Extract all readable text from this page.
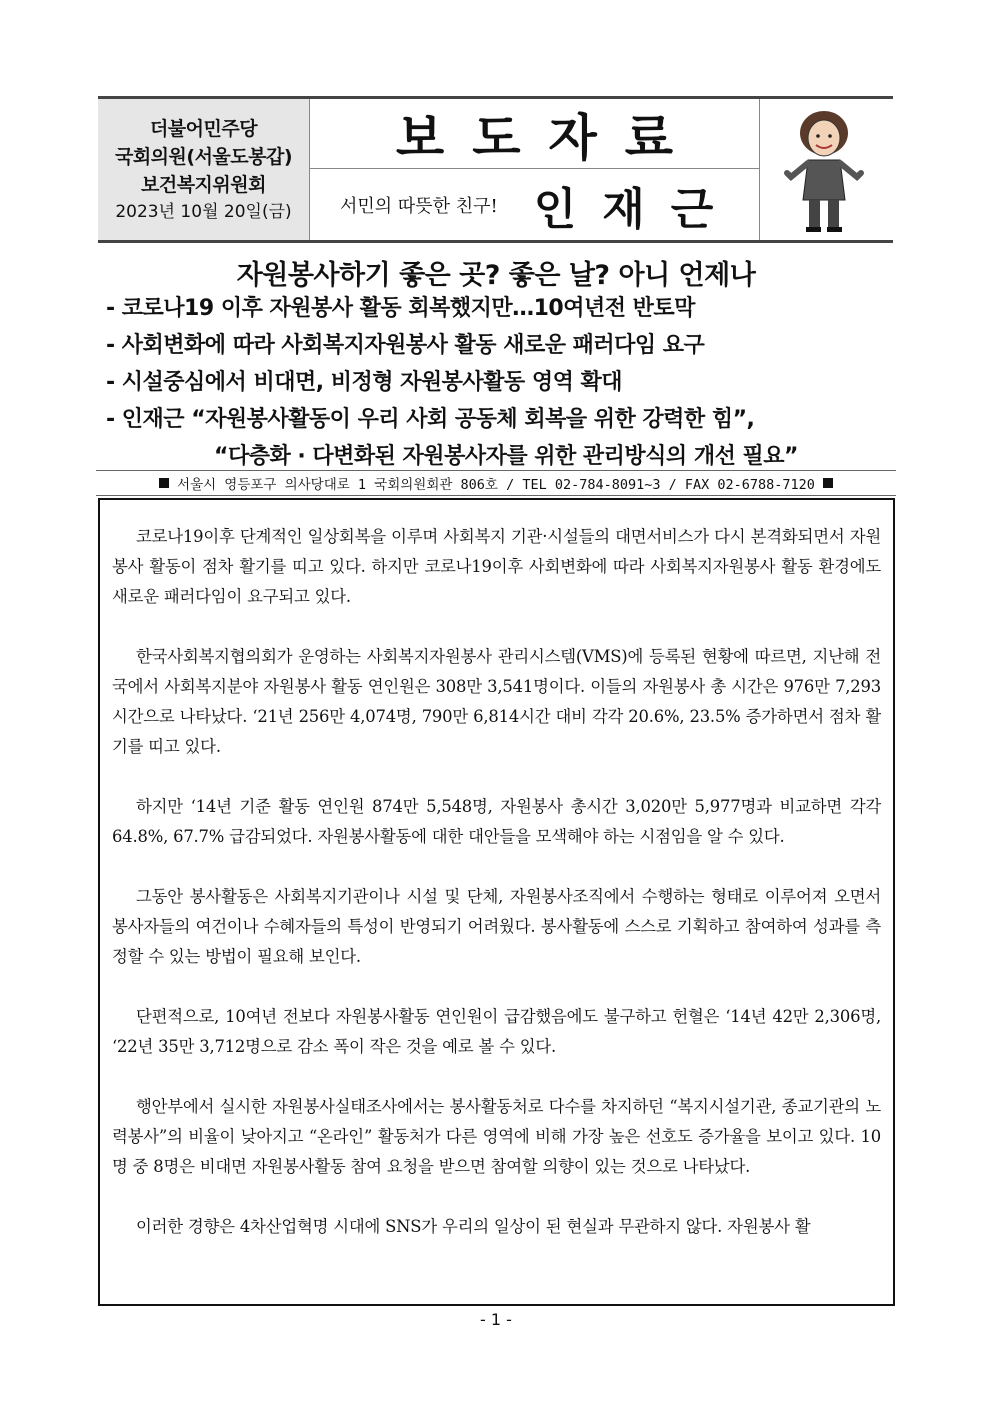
더불어민주당
국회의원(서울도봉갑)
보건복지위원회
2023년 10월 20일(금)
보도자료
서민의 따뜻한 친구! 인재근
자원봉사하기 좋은 곳? 좋은 날? 아니 언제나
- 코로나19 이후 자원봉사 활동 회복했지만…10여년전 반토막
- 사회변화에 따라 사회복지자원봉사 활동 새로운 패러다임 요구
- 시설중심에서 비대면, 비정형 자원봉사활동 영역 확대
- 인재근 “자원봉사활동이 우리 사회 공동체 회복을 위한 강력한 힘”,
“다층화 · 다변화된 자원봉사자를 위한 관리방식의 개선 필요”
서울시 영등포구 의사당대로 1 국회의원회관 806호 / TEL 02-784-8091~3 / FAX 02-6788-7120

코로나19이후 단계적인 일상회복을 이루며 사회복지 기관·시설들의 대면서비스가 다시 본격화되면서 자원봉사 활동이 점차 활기를 띠고 있다. 하지만 코로나19이후 사회변화에 따라 사회복지자원봉사 활동 환경에도 새로운 패러다임이 요구되고 있다.

한국사회복지협의회가 운영하는 사회복지자원봉사 관리시스템(VMS)에 등록된 현황에 따르면, 지난해 전국에서 사회복지분야 자원봉사 활동 연인원은 308만 3,541명이다. 이들의 자원봉사 총 시간은 976만 7,293시간으로 나타났다. ‘21년 256만 4,074명, 790만 6,814시간 대비 각각 20.6%, 23.5% 증가하면서 점차 활기를 띠고 있다.

하지만 ‘14년 기준 활동 연인원 874만 5,548명, 자원봉사 총시간 3,020만 5,977명과 비교하면 각각 64.8%, 67.7% 급감되었다. 자원봉사활동에 대한 대안들을 모색해야 하는 시점임을 알 수 있다.

그동안 봉사활동은 사회복지기관이나 시설 및 단체, 자원봉사조직에서 수행하는 형태로 이루어져 오면서 봉사자들의 여건이나 수혜자들의 특성이 반영되기 어려웠다. 봉사활동에 스스로 기획하고 참여하여 성과를 측정할 수 있는 방법이 필요해 보인다.

단편적으로, 10여년 전보다 자원봉사활동 연인원이 급감했음에도 불구하고 헌혈은 ‘14년 42만 2,306명, ‘22년 35만 3,712명으로 감소 폭이 작은 것을 예로 볼 수 있다.

행안부에서 실시한 자원봉사실태조사에서는 봉사활동처로 다수를 차지하던 “복지시설기관, 종교기관의 노력봉사”의 비율이 낮아지고 “온라인” 활동처가 다른 영역에 비해 가장 높은 선호도 증가율을 보이고 있다. 10명 중 8명은 비대면 자원봉사활동 참여 요청을 받으면 참여할 의향이 있는 것으로 나타났다.

이러한 경향은 4차산업혁명 시대에 SNS가 우리의 일상이 된 현실과 무관하지 않다. 자원봉사 활

- 1 -
